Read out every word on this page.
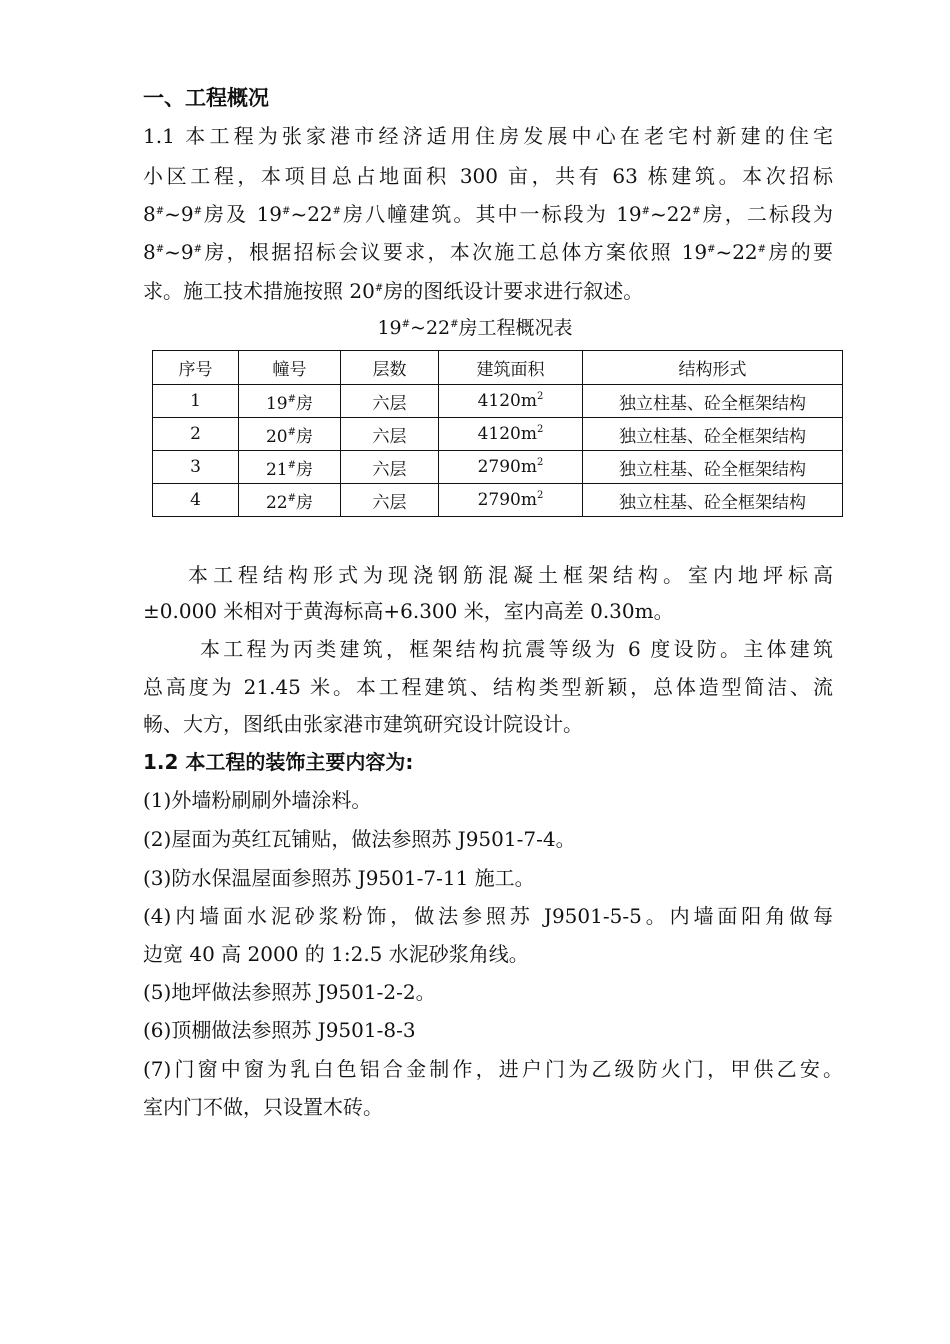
一、工程概况
1.1 本工程为张家港市经济适用住房发展中心在老宅村新建的住宅
小区工程，本项目总占地面积 300 亩，共有 63 栋建筑。本次招标
8#~9#房及 19#~22#房八幢建筑。其中一标段为 19#~22#房，二标段为
8#~9#房，根据招标会议要求，本次施工总体方案依照 19#~22#房的要
求。施工技术措施按照 20#房的图纸设计要求进行叙述。
19#~22#房工程概况表
序号	幢号	层数	建筑面积	结构形式
1	19#房	六层	$4120m^2$	独立柱基、砼全框架结构
2	20#房	六层	$4120m^2$	独立柱基、砼全框架结构
3	21#房	六层	$2790m^2$	独立柱基、砼全框架结构
4	22#房	六层	$2790m^2$	独立柱基、砼全框架结构
本工程结构形式为现浇钢筋混凝土框架结构。室内地坪标高
±0.000 米相对于黄海标高+6.300 米，室内高差 0.30m。
本工程为丙类建筑，框架结构抗震等级为 6 度设防。主体建筑
总高度为 21.45 米。本工程建筑、结构类型新颖，总体造型简洁、流
畅、大方，图纸由张家港市建筑研究设计院设计。
1.2 本工程的装饰主要内容为:
(1)外墙粉刷刷外墙涂料。
(2)屋面为英红瓦铺贴，做法参照苏 J9501-7-4。
(3)防水保温屋面参照苏 J9501-7-11 施工。
(4)内墙面水泥砂浆粉饰，做法参照苏 J9501-5-5。内墙面阳角做每
边宽 40 高 2000 的 1:2.5 水泥砂浆角线。
(5)地坪做法参照苏 J9501-2-2。
(6)顶棚做法参照苏 J9501-8-3
(7)门窗中窗为乳白色铝合金制作，进户门为乙级防火门，甲供乙安。
室内门不做，只设置木砖。
